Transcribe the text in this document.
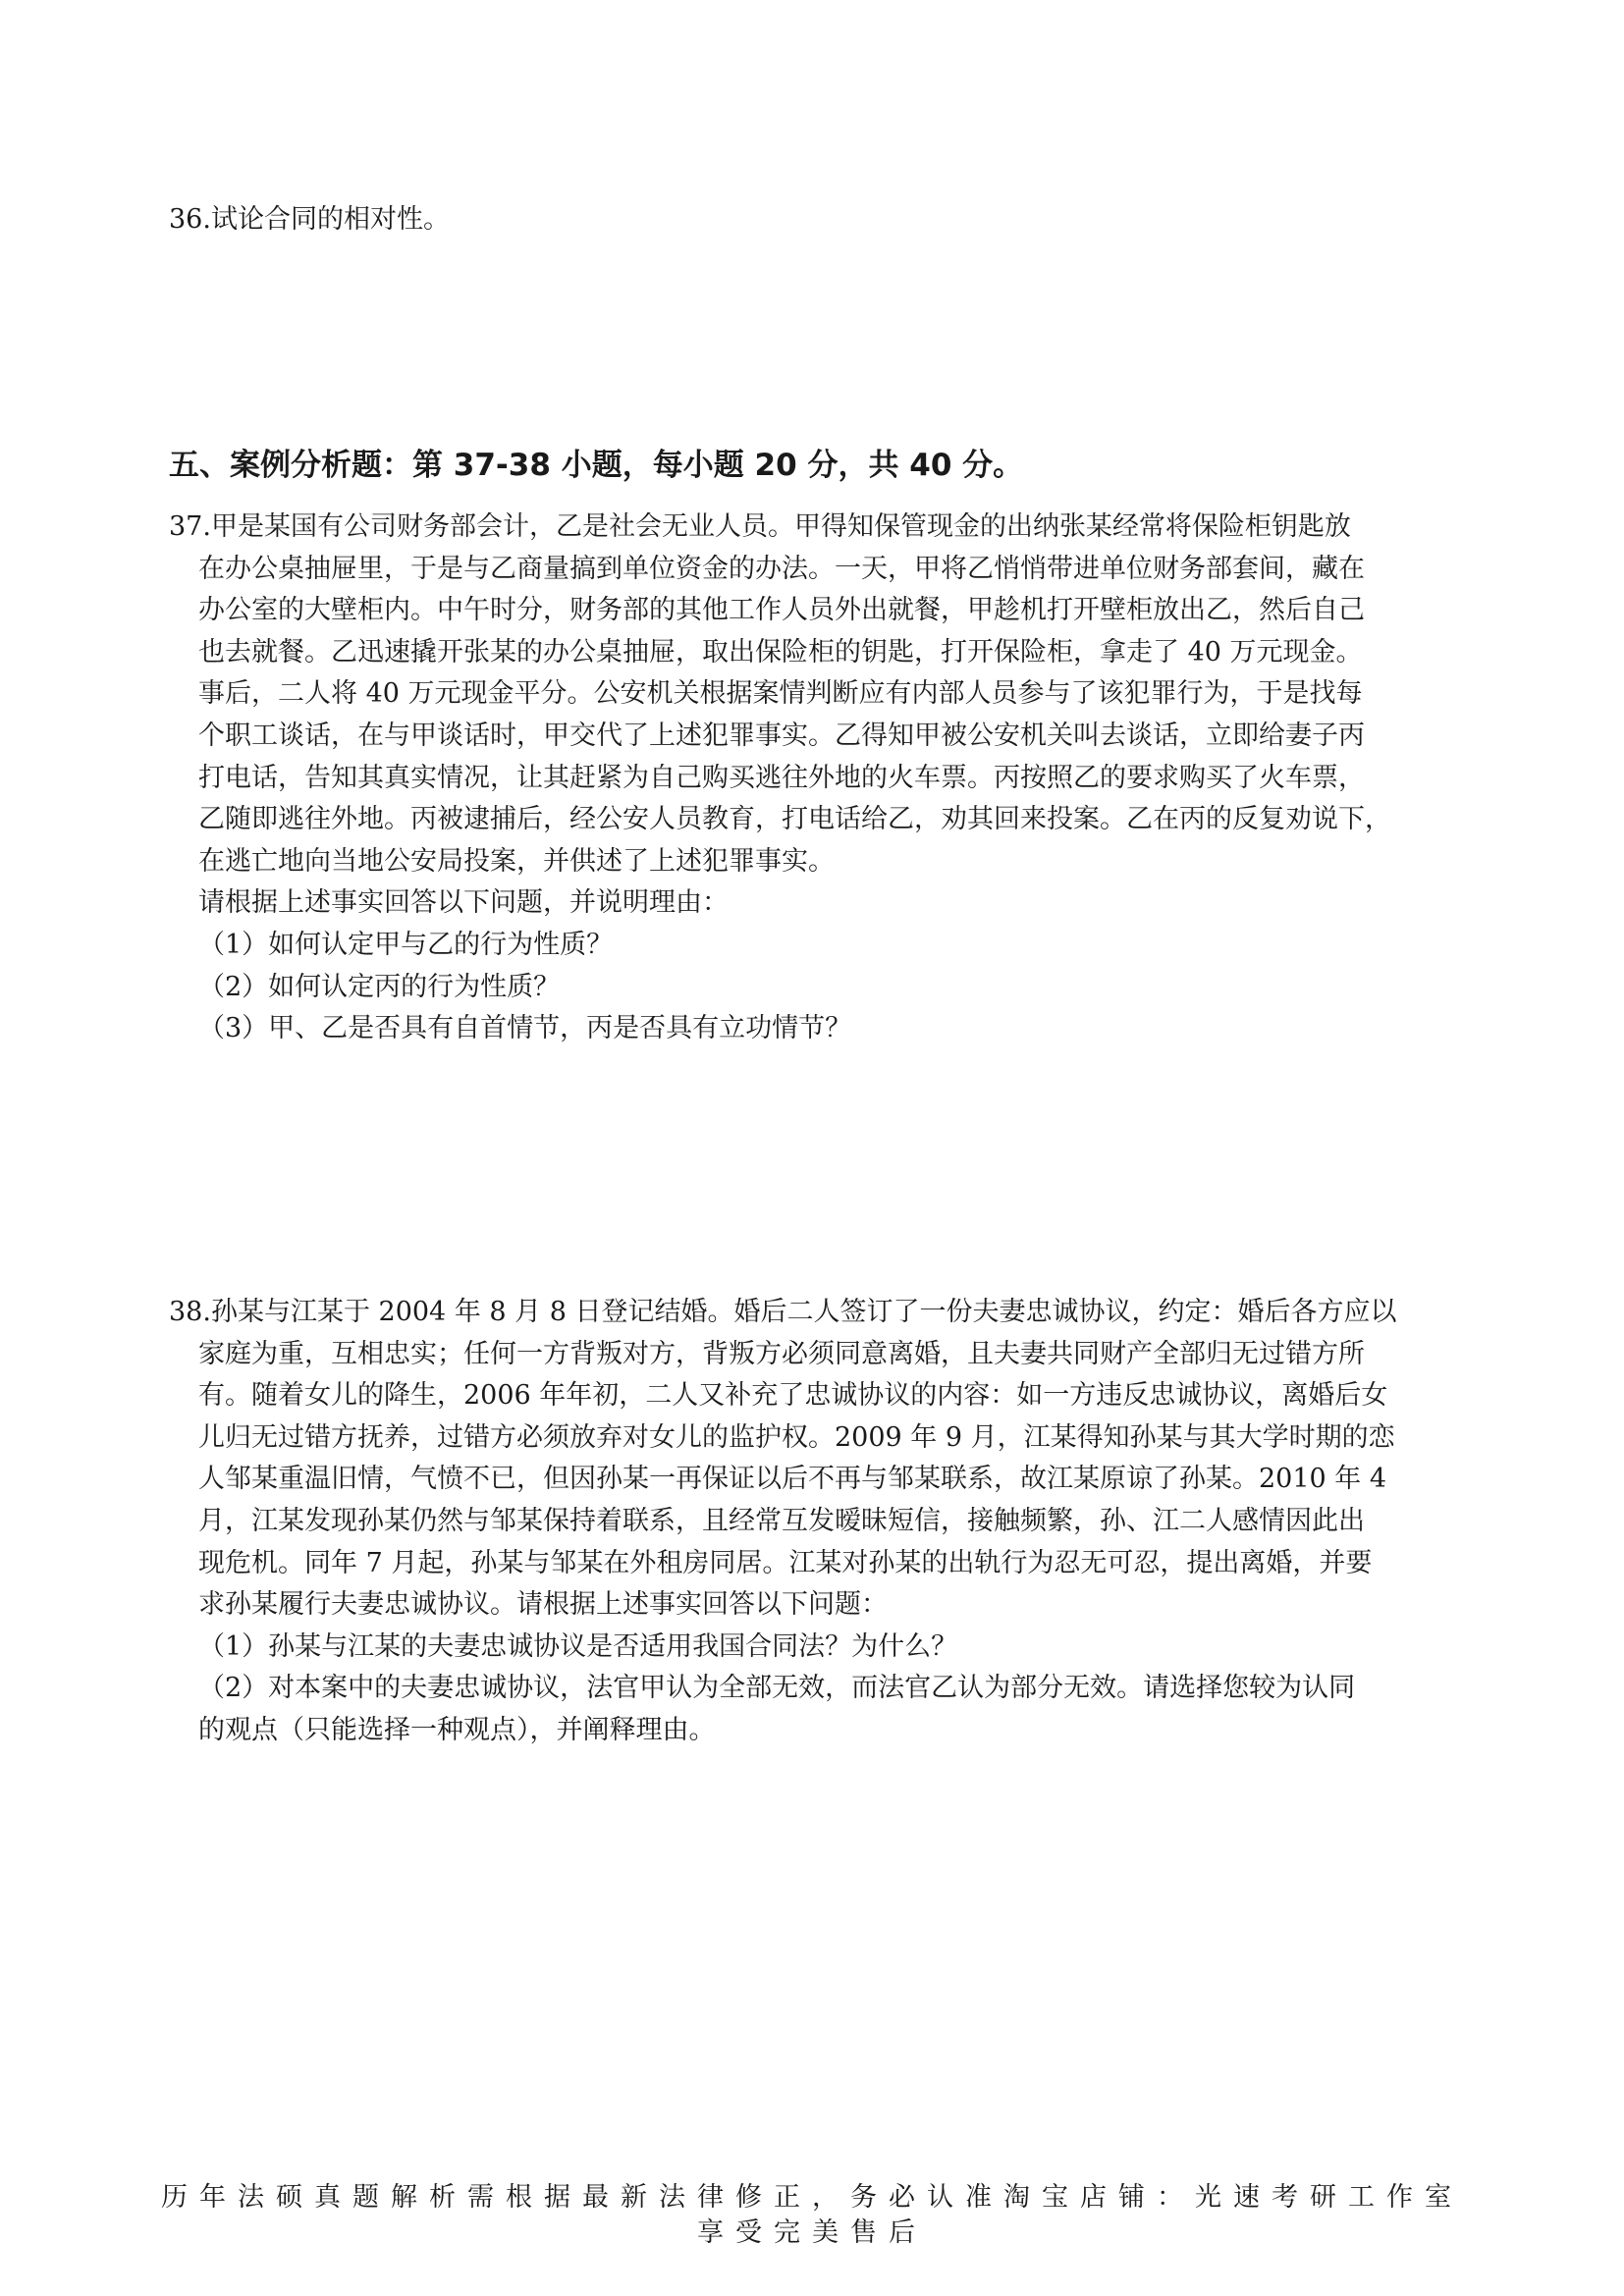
36.试论合同的相对性。
五、案例分析题：第 37-38 小题，每小题 20 分，共 40 分。
37.甲是某国有公司财务部会计，乙是社会无业人员。甲得知保管现金的出纳张某经常将保险柜钥匙放
在办公桌抽屉里，于是与乙商量搞到单位资金的办法。一天，甲将乙悄悄带进单位财务部套间，藏在
办公室的大壁柜内。中午时分，财务部的其他工作人员外出就餐，甲趁机打开壁柜放出乙，然后自己
也去就餐。乙迅速撬开张某的办公桌抽屉，取出保险柜的钥匙，打开保险柜，拿走了 40 万元现金。
事后，二人将 40 万元现金平分。公安机关根据案情判断应有内部人员参与了该犯罪行为，于是找每
个职工谈话，在与甲谈话时，甲交代了上述犯罪事实。乙得知甲被公安机关叫去谈话，立即给妻子丙
打电话，告知其真实情况，让其赶紧为自己购买逃往外地的火车票。丙按照乙的要求购买了火车票，
乙随即逃往外地。丙被逮捕后，经公安人员教育，打电话给乙，劝其回来投案。乙在丙的反复劝说下，
在逃亡地向当地公安局投案，并供述了上述犯罪事实。
请根据上述事实回答以下问题，并说明理由：
（1）如何认定甲与乙的行为性质？
（2）如何认定丙的行为性质？
（3）甲、乙是否具有自首情节，丙是否具有立功情节？
38.孙某与江某于 2004 年 8 月 8 日登记结婚。婚后二人签订了一份夫妻忠诚协议，约定：婚后各方应以
家庭为重，互相忠实；任何一方背叛对方，背叛方必须同意离婚，且夫妻共同财产全部归无过错方所
有。随着女儿的降生，2006 年年初，二人又补充了忠诚协议的内容：如一方违反忠诚协议，离婚后女
儿归无过错方抚养，过错方必须放弃对女儿的监护权。2009 年 9 月，江某得知孙某与其大学时期的恋
人邹某重温旧情，气愤不已，但因孙某一再保证以后不再与邹某联系，故江某原谅了孙某。2010 年 4
月，江某发现孙某仍然与邹某保持着联系，且经常互发暧昧短信，接触频繁，孙、江二人感情因此出
现危机。同年 7 月起，孙某与邹某在外租房同居。江某对孙某的出轨行为忍无可忍，提出离婚，并要
求孙某履行夫妻忠诚协议。请根据上述事实回答以下问题：
（1）孙某与江某的夫妻忠诚协议是否适用我国合同法？为什么？
（2）对本案中的夫妻忠诚协议，法官甲认为全部无效，而法官乙认为部分无效。请选择您较为认同
的观点（只能选择一种观点），并阐释理由。
历年法硕真题解析需根据最新法律修正，务必认准淘宝店铺：光速考研工作室
享受完美售后
